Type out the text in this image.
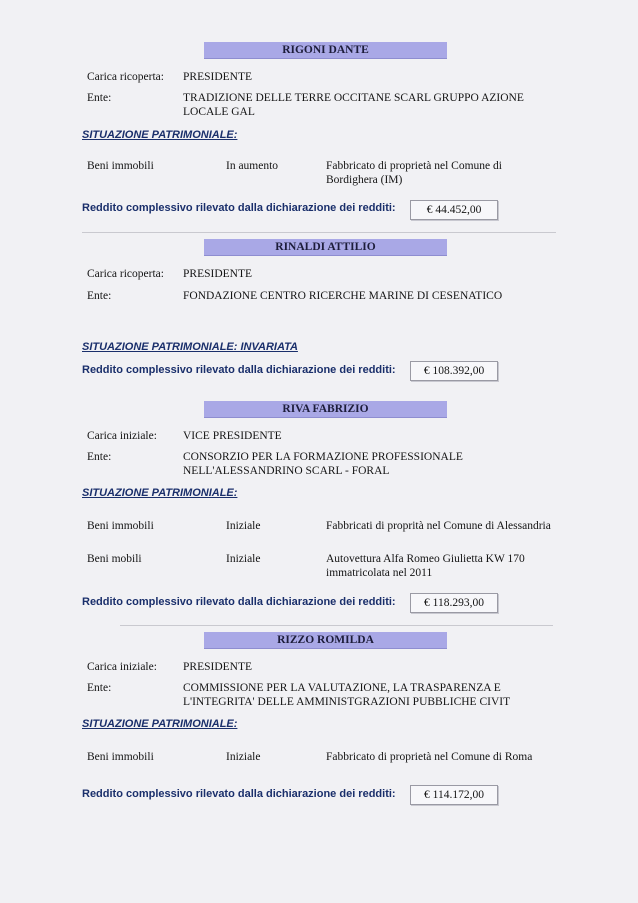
RIGONI DANTE
Carica ricoperta: PRESIDENTE
Ente:	TRADIZIONE DELLE TERRE OCCITANE SCARL GRUPPO AZIONE
LOCALE GAL
SITUAZIONE PATRIMONIALE:
Beni immobili	In aumento	Fabbricato di proprietà nel Comune di
Bordighera (IM)
Reddito complessivo rilevato dalla dichiarazione dei redditi:	€ 44.452,00
RINALDI ATTILIO
Carica ricoperta: PRESIDENTE
Ente:	FONDAZIONE CENTRO RICERCHE MARINE DI CESENATICO
SITUAZIONE PATRIMONIALE: INVARIATA
Reddito complessivo rilevato dalla dichiarazione dei redditi:	€ 108.392,00
RIVA FABRIZIO
Carica iniziale: VICE PRESIDENTE
Ente:	CONSORZIO PER LA FORMAZIONE PROFESSIONALE
NELL'ALESSANDRINO SCARL - FORAL
SITUAZIONE PATRIMONIALE:
Beni immobili	Iniziale	Fabbricati di proprità nel Comune di Alessandria
Beni mobili	Iniziale	Autovettura Alfa Romeo Giulietta KW 170
immatricolata nel 2011
Reddito complessivo rilevato dalla dichiarazione dei redditi:	€ 118.293,00
RIZZO ROMILDA
Carica iniziale: PRESIDENTE
Ente:	COMMISSIONE PER LA VALUTAZIONE, LA TRASPARENZA E
L'INTEGRITA' DELLE AMMINISTGRAZIONI PUBBLICHE CIVIT
SITUAZIONE PATRIMONIALE:
Beni immobili	Iniziale	Fabbricato di proprietà nel Comune di Roma
Reddito complessivo rilevato dalla dichiarazione dei redditi:	€ 114.172,00
